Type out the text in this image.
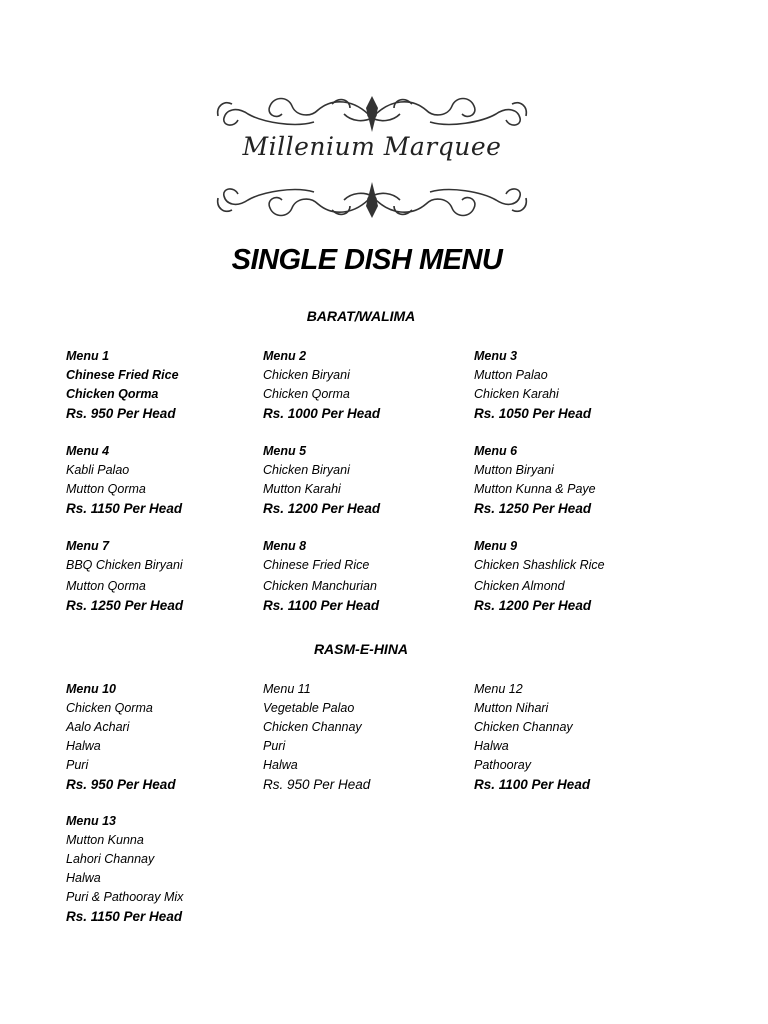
Millenium Marquee
SINGLE DISH MENU
BARAT/WALIMA
Menu 1
Chinese Fried Rice
Chicken Qorma
Rs. 950 Per Head
Menu 2
Chicken Biryani
Chicken Qorma
Rs. 1000 Per Head
Menu 3
Mutton Palao
Chicken Karahi
Rs. 1050 Per Head
Menu 4
Kabli Palao
Mutton Qorma
Rs. 1150 Per Head
Menu 5
Chicken Biryani
Mutton Karahi
Rs. 1200 Per Head
Menu 6
Mutton Biryani
Mutton Kunna & Paye
Rs. 1250 Per Head
Menu 7
BBQ Chicken Biryani
Mutton Qorma
Rs. 1250 Per Head
Menu 8
Chinese Fried Rice
Chicken Manchurian
Rs. 1100 Per Head
Menu 9
Chicken Shashlick Rice
Chicken Almond
Rs. 1200 Per Head
RASM-E-HINA
Menu 10
Chicken Qorma
Aalo Achari
Halwa
Puri
Rs. 950 Per Head
Menu 11
Vegetable Palao
Chicken Channay
Puri
Halwa
Rs. 950 Per Head
Menu 12
Mutton Nihari
Chicken Channay
Halwa
Pathooray
Rs. 1100 Per Head
Menu 13
Mutton Kunna
Lahori Channay
Halwa
Puri & Pathooray Mix
Rs. 1150 Per Head
